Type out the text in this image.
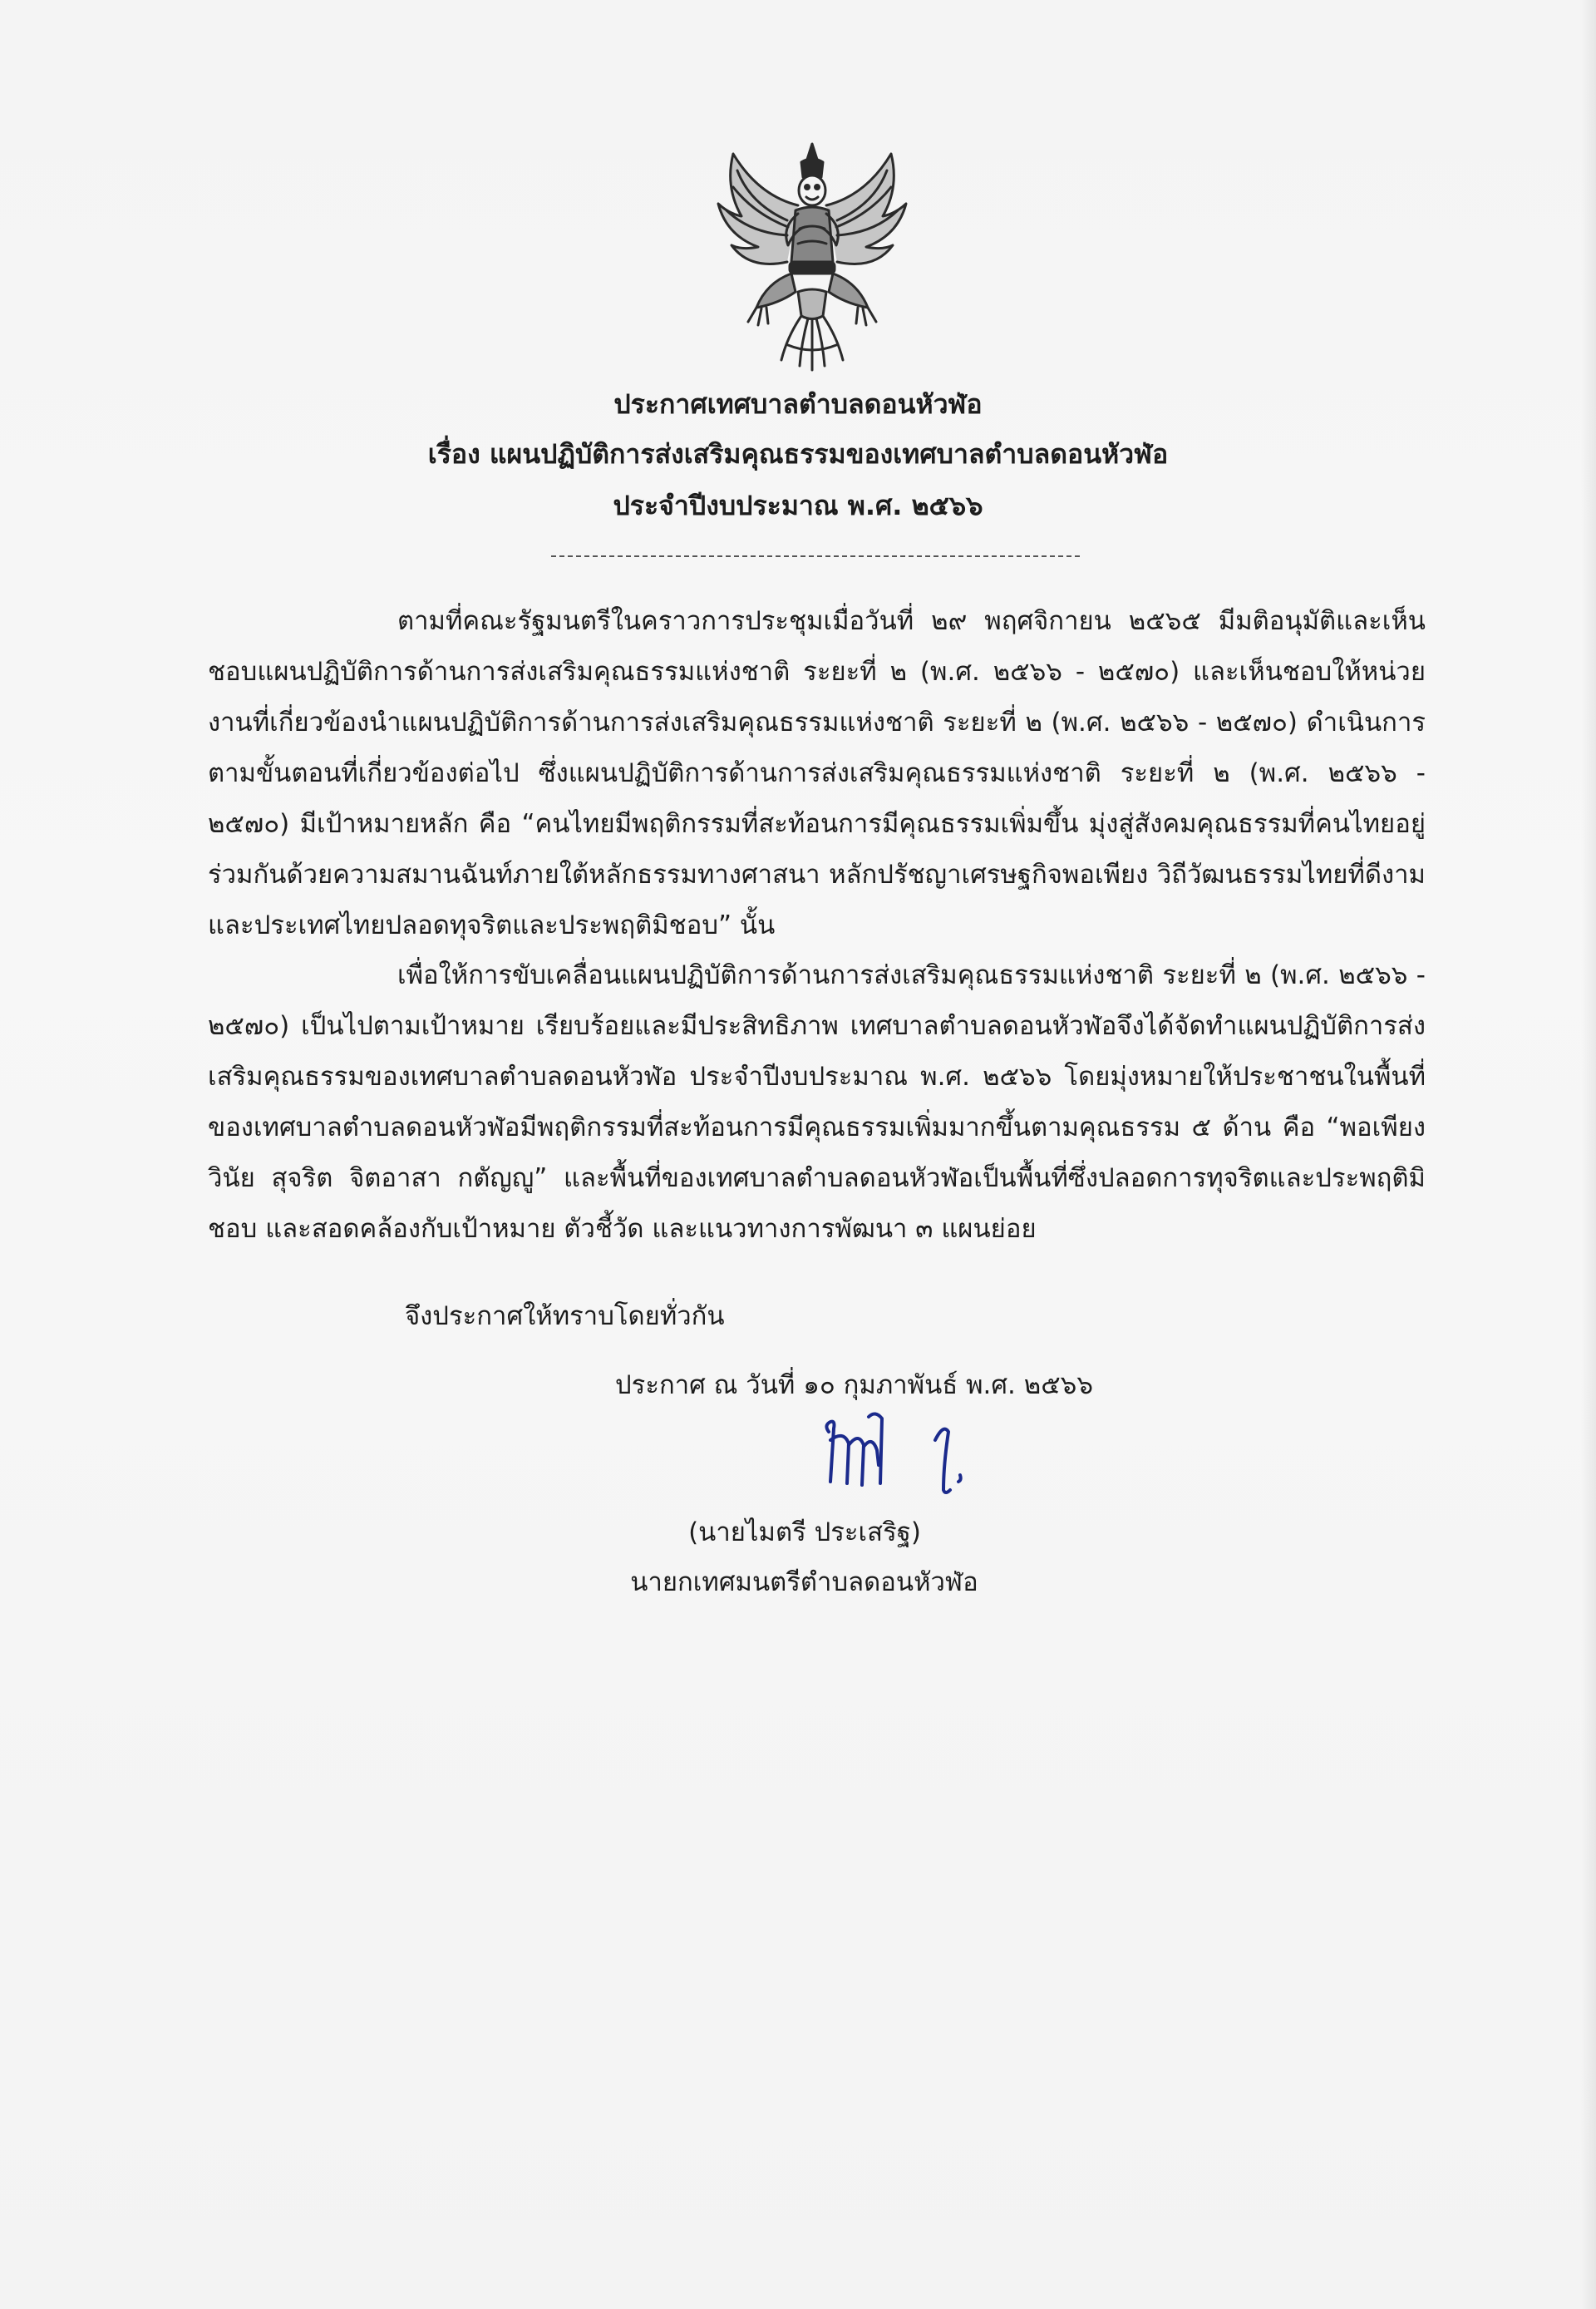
ประกาศเทศบาลตำบลดอนหัวฬ่อ
เรื่อง แผนปฏิบัติการส่งเสริมคุณธรรมของเทศบาลตำบลดอนหัวฬ่อ
ประจำปีงบประมาณ พ.ศ. ๒๕๖๖
ตามที่คณะรัฐมนตรีในคราวการประชุมเมื่อวันที่ ๒๙ พฤศจิกายน ๒๕๖๕ มีมติอนุมัติและเห็นชอบแผนปฏิบัติการด้านการส่งเสริมคุณธรรมแห่งชาติ ระยะที่ ๒ (พ.ศ. ๒๕๖๖ - ๒๕๗๐) และเห็นชอบให้หน่วยงานที่เกี่ยวข้องนำแผนปฏิบัติการด้านการส่งเสริมคุณธรรมแห่งชาติ ระยะที่ ๒ (พ.ศ. ๒๕๖๖ - ๒๕๗๐) ดำเนินการตามขั้นตอนที่เกี่ยวข้องต่อไป ซึ่งแผนปฏิบัติการด้านการส่งเสริมคุณธรรมแห่งชาติ ระยะที่ ๒ (พ.ศ. ๒๕๖๖ - ๒๕๗๐) มีเป้าหมายหลัก คือ “คนไทยมีพฤติกรรมที่สะท้อนการมีคุณธรรมเพิ่มขึ้น มุ่งสู่สังคมคุณธรรมที่คนไทยอยู่ร่วมกันด้วยความสมานฉันท์ภายใต้หลักธรรมทางศาสนา หลักปรัชญาเศรษฐกิจพอเพียง วิถีวัฒนธรรมไทยที่ดีงาม และประเทศไทยปลอดทุจริตและประพฤติมิชอบ” นั้น
เพื่อให้การขับเคลื่อนแผนปฏิบัติการด้านการส่งเสริมคุณธรรมแห่งชาติ ระยะที่ ๒ (พ.ศ. ๒๕๖๖ - ๒๕๗๐) เป็นไปตามเป้าหมาย เรียบร้อยและมีประสิทธิภาพ เทศบาลตำบลดอนหัวฬ่อจึงได้จัดทำแผนปฏิบัติการส่งเสริมคุณธรรมของเทศบาลตำบลดอนหัวฬ่อ ประจำปีงบประมาณ พ.ศ. ๒๕๖๖ โดยมุ่งหมายให้ประชาชนในพื้นที่ของเทศบาลตำบลดอนหัวฬ่อมีพฤติกรรมที่สะท้อนการมีคุณธรรมเพิ่มมากขึ้นตามคุณธรรม ๕ ด้าน คือ “พอเพียง วินัย สุจริต จิตอาสา กตัญญู” และพื้นที่ของเทศบาลตำบลดอนหัวฬ่อเป็นพื้นที่ซึ่งปลอดการทุจริตและประพฤติมิชอบ และสอดคล้องกับเป้าหมาย ตัวชี้วัด และแนวทางการพัฒนา ๓ แผนย่อย
จึงประกาศให้ทราบโดยทั่วกัน
ประกาศ ณ วันที่ ๑๐ กุมภาพันธ์ พ.ศ. ๒๕๖๖
(นายไมตรี ประเสริฐ)
นายกเทศมนตรีตำบลดอนหัวฬ่อ
